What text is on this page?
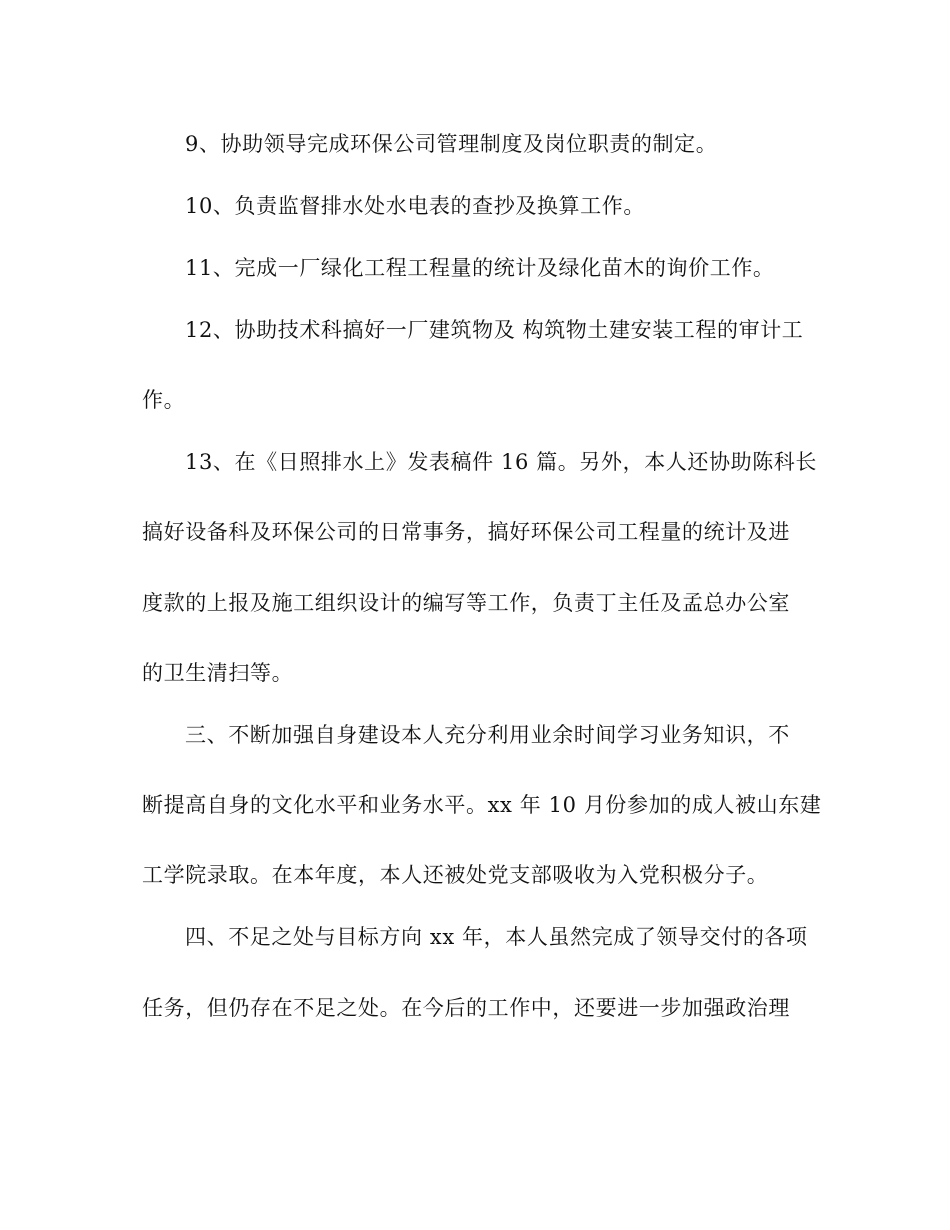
9、协助领导完成环保公司管理制度及岗位职责的制定。
10、负责监督排水处水电表的查抄及换算工作。
11、完成一厂绿化工程工程量的统计及绿化苗木的询价工作。
12、协助技术科搞好一厂建筑物及 构筑物土建安装工程的审计工
作。
13、在《日照排水上》发表稿件 16 篇。另外，本人还协助陈科长
搞好设备科及环保公司的日常事务，搞好环保公司工程量的统计及进
度款的上报及施工组织设计的编写等工作，负责丁主任及孟总办公室
的卫生清扫等。
三、不断加强自身建设本人充分利用业余时间学习业务知识，不
断提高自身的文化水平和业务水平。xx 年 10 月份参加的成人被山东建
工学院录取。在本年度，本人还被处党支部吸收为入党积极分子。
四、不足之处与目标方向 xx 年，本人虽然完成了领导交付的各项
任务，但仍存在不足之处。在今后的工作中，还要进一步加强政治理
